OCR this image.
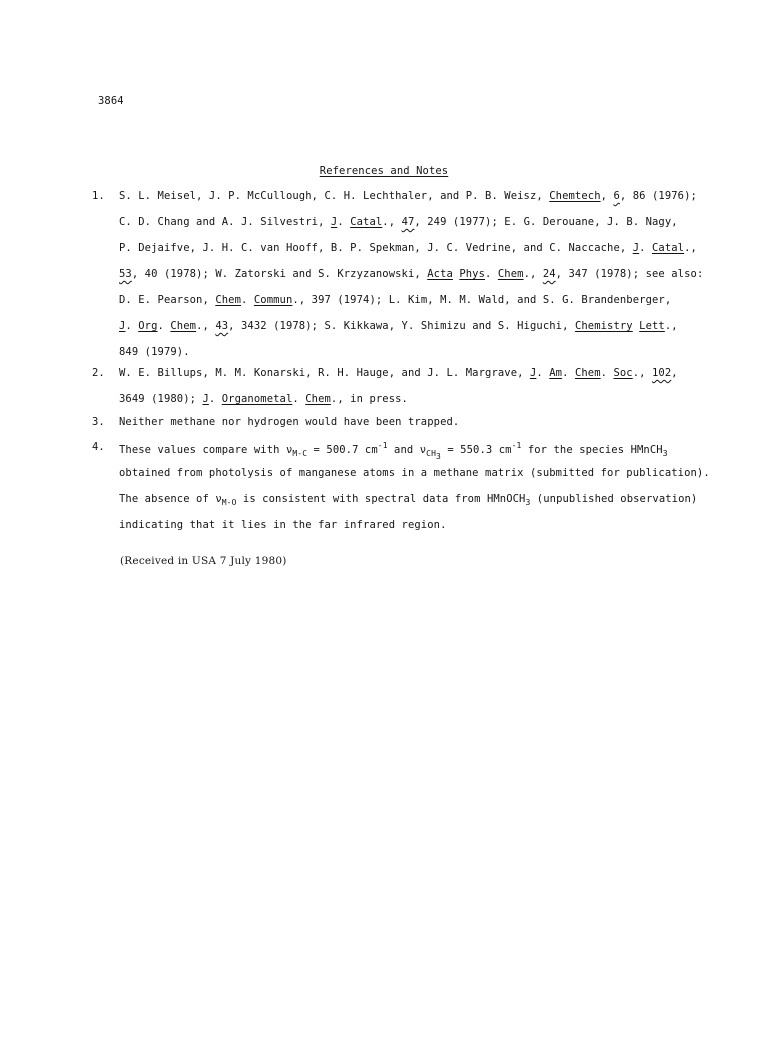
3864
References and Notes
1.	S. L. Meisel, J. P. McCullough, C. H. Lechthaler, and P. B. Weisz, Chemtech, 6, 86 (1976);
C. D. Chang and A. J. Silvestri, J. Catal., 47, 249 (1977); E. G. Derouane, J. B. Nagy,
P. Dejaifve, J. H. C. van Hooff, B. P. Spekman, J. C. Vedrine, and C. Naccache, J. Catal.,
53, 40 (1978); W. Zatorski and S. Krzyzanowski, Acta Phys. Chem., 24, 347 (1978); see also:
D. E. Pearson, Chem. Commun., 397 (1974); L. Kim, M. M. Wald, and S. G. Brandenberger,
J. Org. Chem., 43, 3432 (1978); S. Kikkawa, Y. Shimizu and S. Higuchi, Chemistry Lett.,
849 (1979).
2.	W. E. Billups, M. M. Konarski, R. H. Hauge, and J. L. Margrave, J. Am. Chem. Soc., 102,
3649 (1980); J. Organometal. Chem., in press.
3.	Neither methane nor hydrogen would have been trapped.
4.	These values compare with $\nu_{M-C} = 500.7$ $cm^{-1}$ and $\nu_{CH_3} = 550.3$ $cm^{-1}$ for the species HMnCH$_3$
obtained from photolysis of manganese atoms in a methane matrix (submitted for publication).
The absence of $\nu_{M-O}$ is consistent with spectral data from HMnOCH$_3$ (unpublished observation)
indicating that it lies in the far infrared region.
(Received in USA 7 July 1980)
